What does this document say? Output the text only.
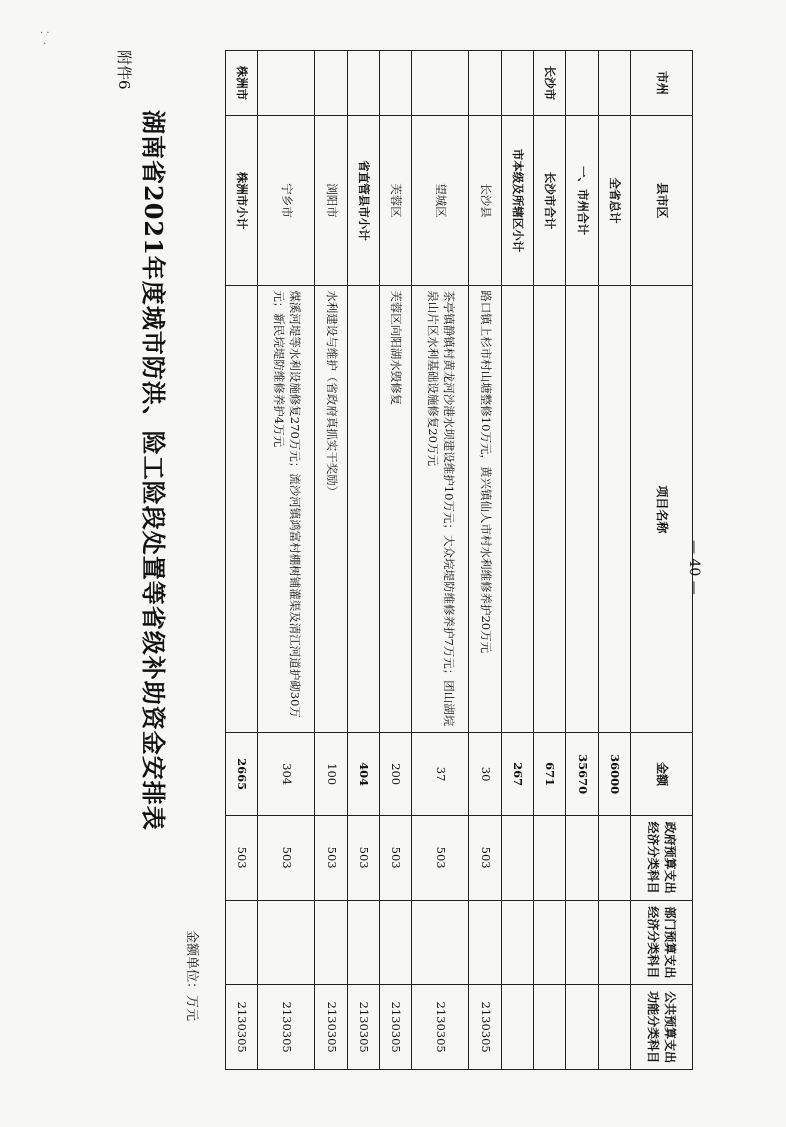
· ·
·
市州	县市区	项目名称	金额	政府预算支出经济分类科目	部门预算支出经济分类科目	公共预算支出功能分类科目
	全省总计		36000			
	一、市州合计		35670			
长沙市	长沙市合计		671			
	市本级及所辖区小计		267			
	长沙县	路口镇上杉市村山塘整修10万元，黄兴镇仙人市村水利维修养护20万元	30	503		2130305
	望城区	茶亭镇静镇村黄龙河沙港水坝建设维护10万元；大众垸堤防维修养护7万元；团山湖垸泉山片区水利基础设施修复20万元	37	503		2130305
	芙蓉区	芙蓉区向阳湖水毁修复	200	503		2130305
	省直管县市小计		404	503		2130305
	浏阳市	水利建设与维护（省政府真抓实干奖励）	100	503		2130305
	宁乡市	煤溪河堤等水利设施修复270万元；流沙河镇鸿富村棚树铺灌渠及清江河道护砌30万元；新民垸堤防维修养护4万元	304	503		2130305
株洲市	株洲市小计		2665	503		2130305
金额单位：万元
湖南省2021年度城市防洪、险工险段处置等省级补助资金安排表
附件6
— 40 —
